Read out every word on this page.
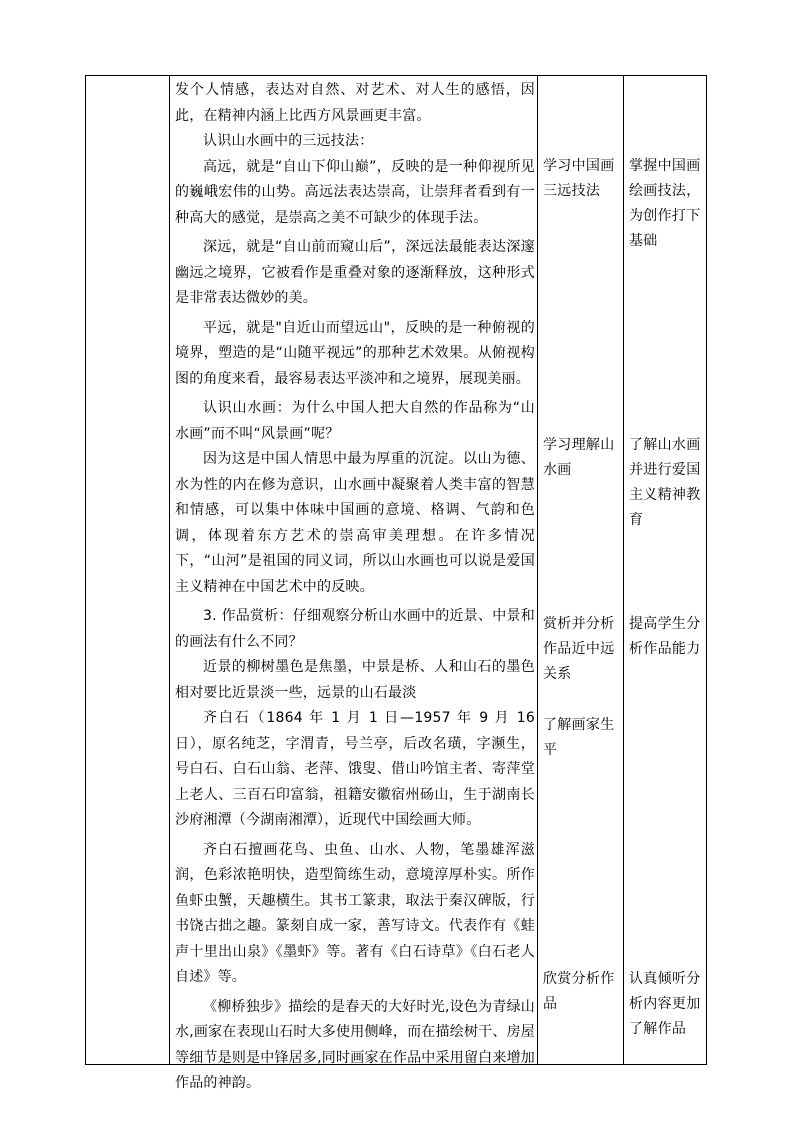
发个人情感，表达对自然、对艺术、对人生的感悟，因此，在精神内涵上比西方风景画更丰富。

认识山水画中的三远技法：

高远，就是“自山下仰山巅”，反映的是一种仰视所见的巍峨宏伟的山势。高远法表达崇高，让崇拜者看到有一种高大的感觉，是崇高之美不可缺少的体现手法。

深远，就是“自山前而窥山后”，深远法最能表达深邃幽远之境界，它被看作是重叠对象的逐渐释放，这种形式是非常表达微妙的美。

平远，就是"自近山而望远山"，反映的是一种俯视的境界，塑造的是“山随平视远”的那种艺术效果。从俯视构图的角度来看，最容易表达平淡冲和之境界，展现美丽。

认识山水画：为什么中国人把大自然的作品称为“山水画”而不叫“风景画”呢？

因为这是中国人情思中最为厚重的沉淀。以山为德、水为性的内在修为意识，山水画中凝聚着人类丰富的智慧和情感，可以集中体味中国画的意境、格调、气韵和色调，体现着东方艺术的崇高审美理想。在许多情况下，“山河”是祖国的同义词，所以山水画也可以说是爱国主义精神在中国艺术中的反映。

3. 作品赏析：仔细观察分析山水画中的近景、中景和的画法有什么不同？

近景的柳树墨色是焦墨，中景是桥、人和山石的墨色相对要比近景淡一些，远景的山石最淡

齐白石（1864 年 1 月 1 日—1957 年 9 月 16 日），原名纯芝，字渭青，号兰亭，后改名璜，字濒生，号白石、白石山翁、老萍、饿叟、借山吟馆主者、寄萍堂上老人、三百石印富翁，祖籍安徽宿州砀山，生于湖南长沙府湘潭（今湖南湘潭），近现代中国绘画大师。

齐白石擅画花鸟、虫鱼、山水、人物，笔墨雄浑滋润，色彩浓艳明快，造型简练生动，意境淳厚朴实。所作鱼虾虫蟹，天趣横生。其书工篆隶，取法于秦汉碑版，行书饶古拙之趣。篆刻自成一家，善写诗文。代表作有《蛙声十里出山泉》《墨虾》等。著有《白石诗草》《白石老人自述》等。

《柳桥独步》描绘的是春天的大好时光,设色为青绿山水,画家在表现山石时大多使用侧峰，而在描绘树干、房屋等细节是则是中锋居多,同时画家在作品中采用留白来增加作品的神韵。

学习中国画三远技法
掌握中国画绘画技法，为创作打下基础
学习理解山水画
了解山水画并进行爱国主义精神教育
赏析并分析作品近中远关系
提高学生分析作品能力
了解画家生平
欣赏分析作品
认真倾听分析内容更加了解作品
